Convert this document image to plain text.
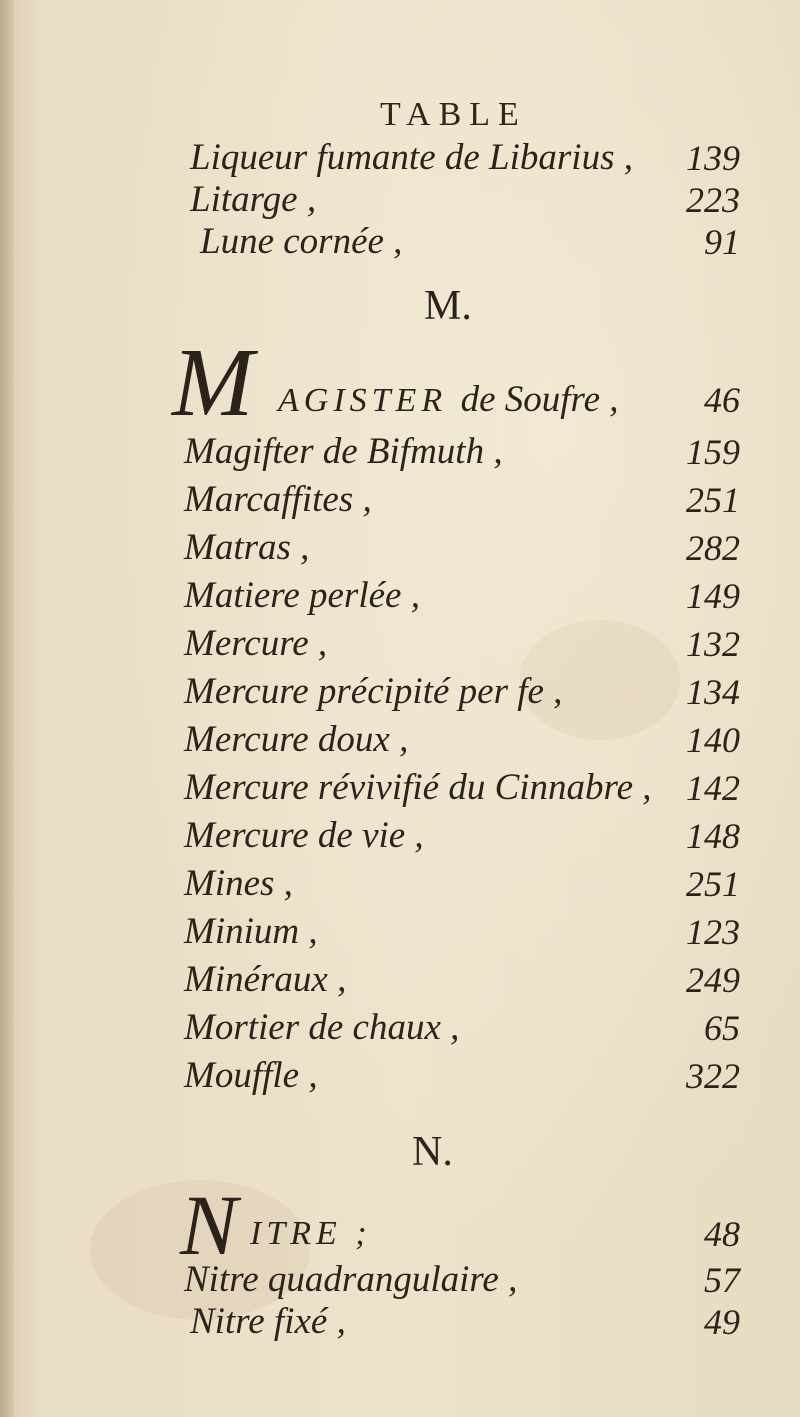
TABLE
Liqueur fumante de Libarius ,	139
Litarge ,	223
Lune cornée ,	91
M.
M AGISTER de Soufre ,	46
Magifter de Bifmuth ,	159
Marcaffites ,	251
Matras ,	282
Matiere perlée ,	149
Mercure ,	132
Mercure précipité per fe ,	134
Mercure doux ,	140
Mercure révivifié du Cinnabre , 142
Mercure de vie ,	148
Mines ,	251
Minium ,	123
Minéraux ,	249
Mortier de chaux ,	65
Mouffle ,	322
N.
N ITRE ;	48
Nitre quadrangulaire ,	57
Nitre fixé ,	49
